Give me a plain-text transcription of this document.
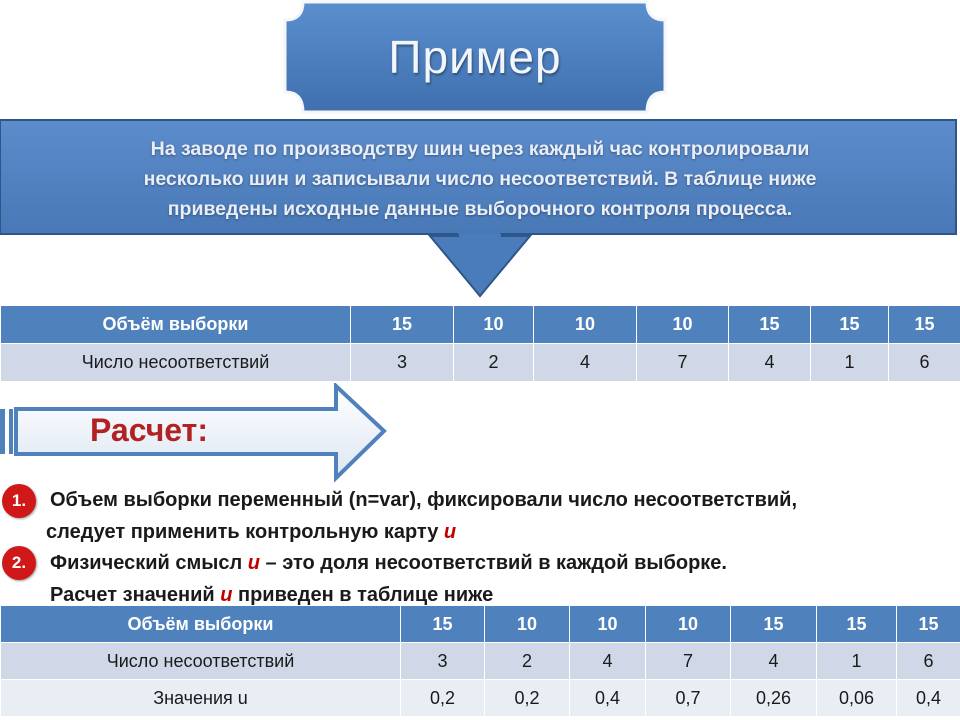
Пример
На заводе по производству шин через каждый час контролировали
несколько шин и записывали число несоответствий. В таблице ниже
приведены исходные данные выборочного контроля процесса.
Объём выборки	15	10	10	10	15	15	15
Число несоответствий	3	2	4	7	4	1	6
Расчет:
1.	Объем выборки переменный (n=var), фиксировали число несоответствий,
следует применить контрольную карту u
2.	Физический смысл u – это доля несоответствий в каждой выборке.
Расчет значений u приведен в таблице ниже
Объём выборки	15	10	10	10	15	15	15
Число несоответствий	3	2	4	7	4	1	6
Значения u	0,2	0,2	0,4	0,7	0,26	0,06	0,4
